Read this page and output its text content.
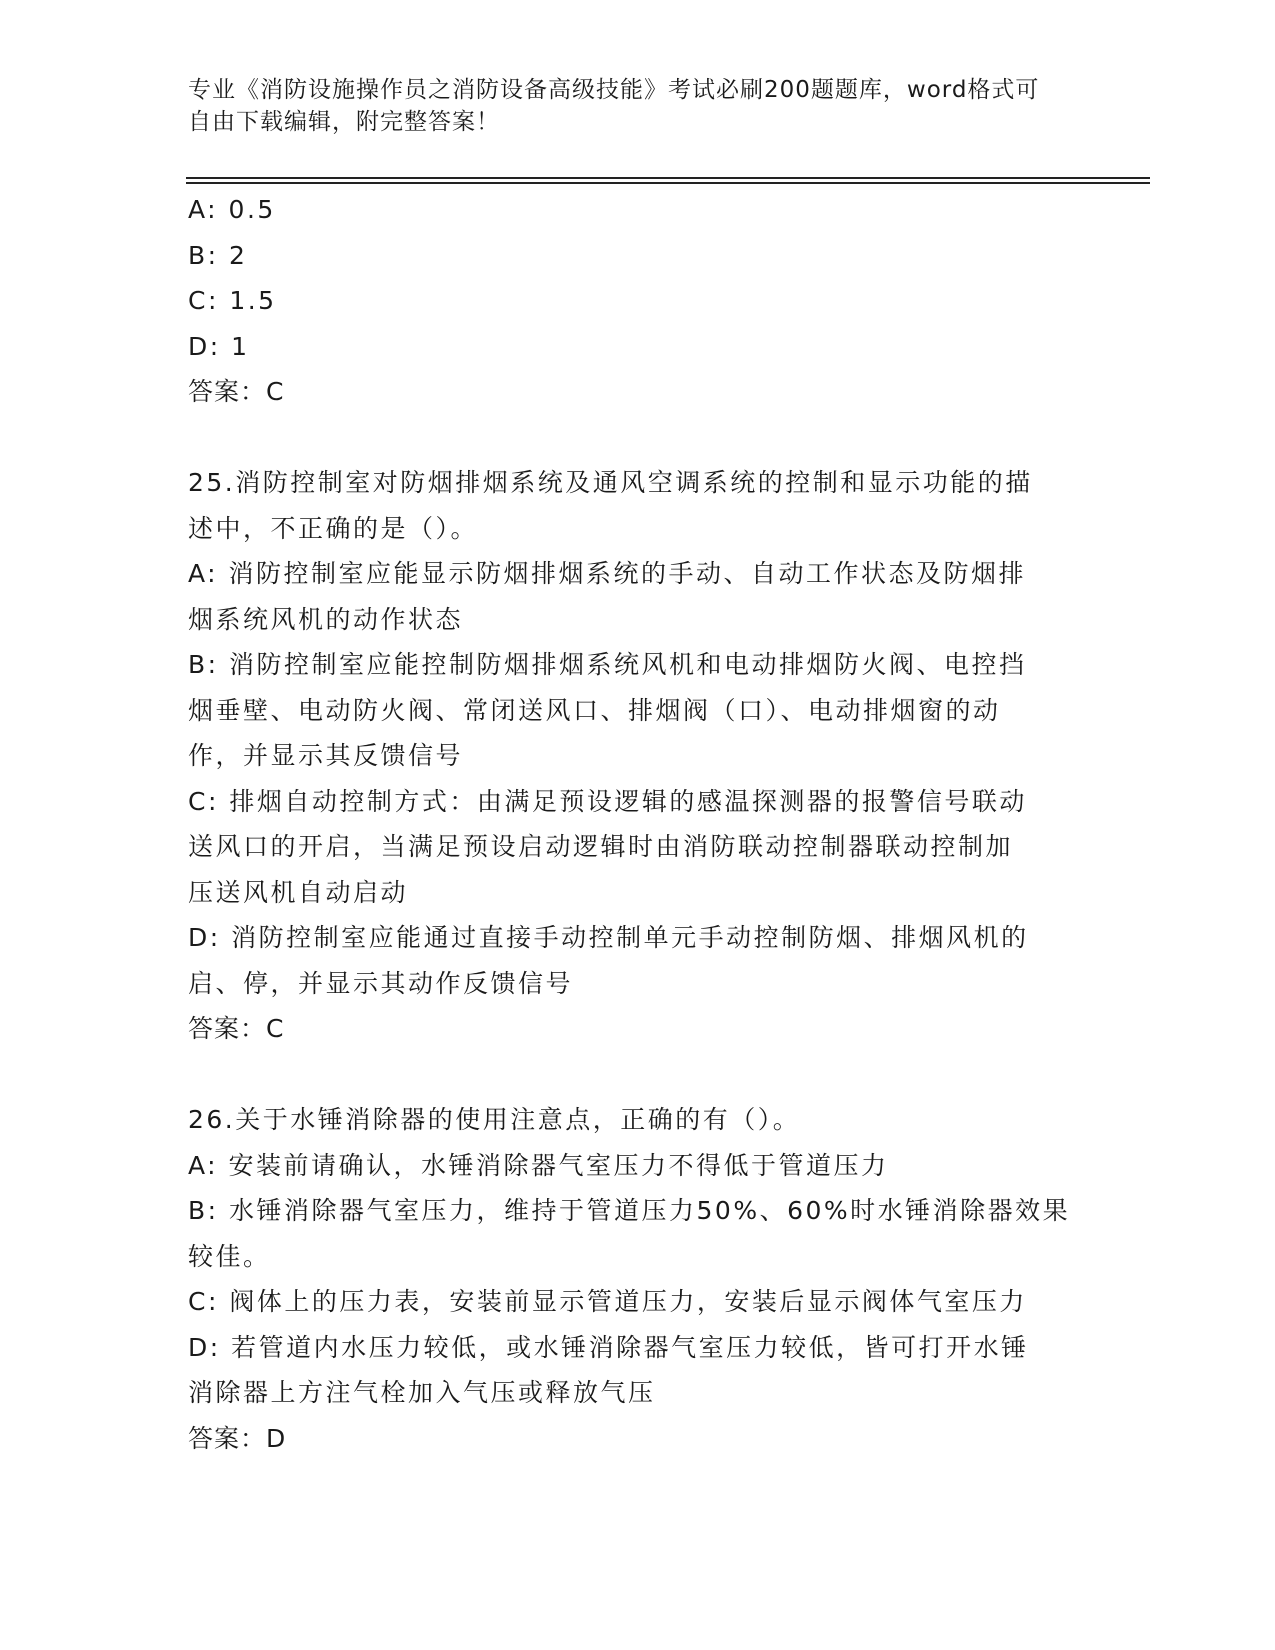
专业《消防设施操作员之消防设备高级技能》考试必刷200题题库，word格式可
自由下载编辑，附完整答案！
A: 0.5
B: 2
C: 1.5
D: 1
答案：C
25.消防控制室对防烟排烟系统及通风空调系统的控制和显示功能的描
述中，不正确的是（）。
A: 消防控制室应能显示防烟排烟系统的手动、自动工作状态及防烟排
烟系统风机的动作状态
B: 消防控制室应能控制防烟排烟系统风机和电动排烟防火阀、电控挡
烟垂壁、电动防火阀、常闭送风口、排烟阀（口）、电动排烟窗的动
作，并显示其反馈信号
C: 排烟自动控制方式：由满足预设逻辑的感温探测器的报警信号联动
送风口的开启，当满足预设启动逻辑时由消防联动控制器联动控制加
压送风机自动启动
D: 消防控制室应能通过直接手动控制单元手动控制防烟、排烟风机的
启、停，并显示其动作反馈信号
答案：C
26.关于水锤消除器的使用注意点，正确的有（）。
A: 安装前请确认，水锤消除器气室压力不得低于管道压力
B: 水锤消除器气室压力，维持于管道压力50%、60%时水锤消除器效果
较佳。
C: 阀体上的压力表，安装前显示管道压力，安装后显示阀体气室压力
D: 若管道内水压力较低，或水锤消除器气室压力较低，皆可打开水锤
消除器上方注气栓加入气压或释放气压
答案：D
